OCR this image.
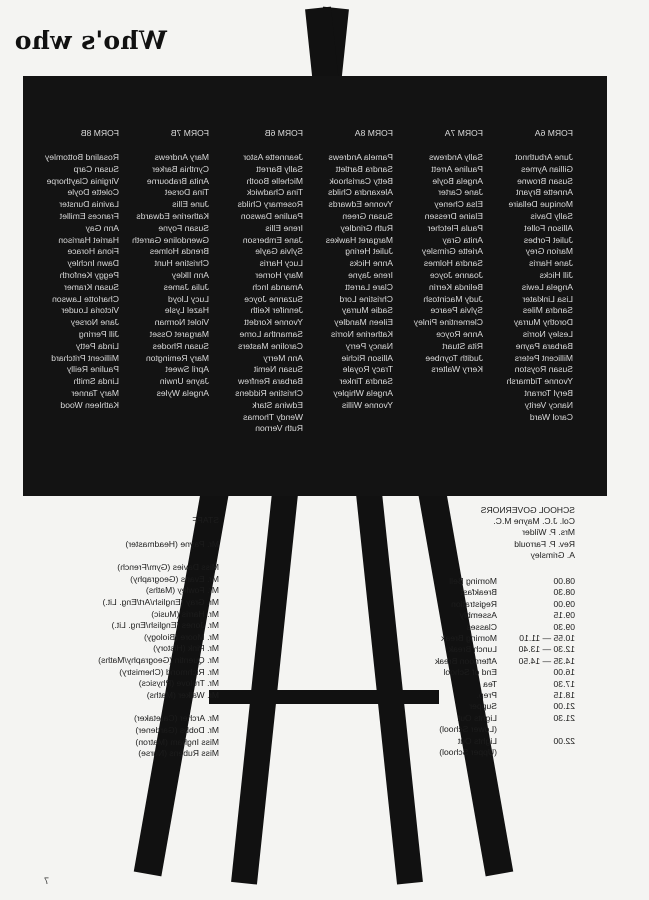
Who's who
FORM 6A
June Arbuthnot
Gillian Aymes
Susan Browne
Annette Bryant
Monique Dellaire
Sally Davis
Allison Follet
Juliet Forbes
Marion Grey
Jane Harris
Jill Hicks
Angela Lewis
Lisa Linklater
Sandra Miles
Dorothy Murray
Lesley Norris
Barbara Payne
Millicent Peters
Susan Royston
Yvonne Tidmarsh
Beryl Torrant
Nancy Verity
Carol Ward
FORM 7A
Sally Andrews
Pauline Arrett
Angela Boyle
Jane Carter
Elsa Cheney
Elaine Dressen
Paula Fletcher
Anita Gray
Ariette Grimsley
Sandra Holmes
Joanne Joyce
Belinda Kerrin
Judy Macintosh
Sylvia Pearce
Clementine Pinley
Anne Royce
Rita Stuart
Judith Toynbee
Kerry Walters
FORM 8A
Pamela Andrews
Sandra Bartlett
Betty Carrishook
Alexandra Childs
Yvonne Edwards
Susan Green
Ruth Grindley
Margaret Hawkes
Juliet Hering
Anne Hicks
Irene Jayne
Clare Larrett
Christine Lord
Sadie Murray
Eileen Mandley
Katherine Norris
Nancy Perry
Allison Richie
Tracy Royale
Sandra Tinker
Angela Whipley
Yvonne Willis
FORM 6B
Jeannette Astor
Sally Barrett
Michelle Booth
Tina Chadwick
Rosemary Childs
Pauline Dawson
Irene Ellis
Jane Emberson
Sylvia Gayle
Lucy Harris
Mary Horner
Amanda Inch
Suzanne Joyce
Jennifer Keith
Yvonne Kordett
Samantha Lorne
Caroline Masters
Ann Merry
Susan Nemit
Barbara Renfrew
Christine Riddens
Edwina Stark
Wendy Thomas
Ruth Vernon
FORM 7B
Mary Andrews
Cynthia Barker
Anita Brabourne
Tina Dorset
June Ellis
Katherine Edwards
Susan Foyne
Gwendoline Garreth
Brenda Holmes
Christine Hunt
Ann Ilkley
Julia James
Lucy Lloyd
Hazel Lysle
Violet Norman
Margaret Osset
Susan Rhodes
Mary Remington
April Sweet
Jayne Unwin
Angela Wyles
FORM 8B
Rosalind Bottomley
Susan Carp
Virginia Claythorpe
Colette Doyle
Lavinia Dunster
Frances Emillet
Ann Gay
Harriet Harrison
Fiona Horace
Dawn Inchley
Peggy Kenforth
Susan Kramer
Charlotte Lawson
Victoria Louder
Jane Norsey
Jill Perring
Linda Petty
Millicent Pritchard
Pauline Reilly
Linda Smith
Mary Tanner
Kathleen Wood
SCHOOL GOVERNORS
Col. J.C. Mayne M.C.
Mrs. P. Wilder
Rev. P. Farrould
A. Grimsley
08.00
Morning Bell
08.30
Breakfast
09.00
Registration
09.15
Assembly
09.30
Classes
10.55 — 11.10
Morning Break
12.30 — 13.40
Lunch Break
14.35 — 14.50
Afternoon Break
16.00
End of School
17.30
Tea
18.15
Prep.
21.00
Supper
21.30
Lights Out
(Lower School)
22.00
Lights Out
(Upper School)
STAFF
Mr. Payne (Headmaster)
Miss Davies (Gym/French)
Mr. Evans (Geography)
Mr. Fowley (Maths)
Mr. Gray (English/Art/Eng. Lit.)
Mr. Harris (Music)
Mr. Jones (English/Eng. Lit.)
Mr. Moore (Biology)
Mr. Pink (History)
Mr. Quentin (Geography/Maths)
Mr. Richmond (Chemistry)
Mr. Trulove (Physics)
Mr. Walker (Maths)
Mr. Archer (Caretaker)
Mr. Dobbs (Gardener)
Miss Ingham (Matron)
Miss Rubens (Nurse)
7
